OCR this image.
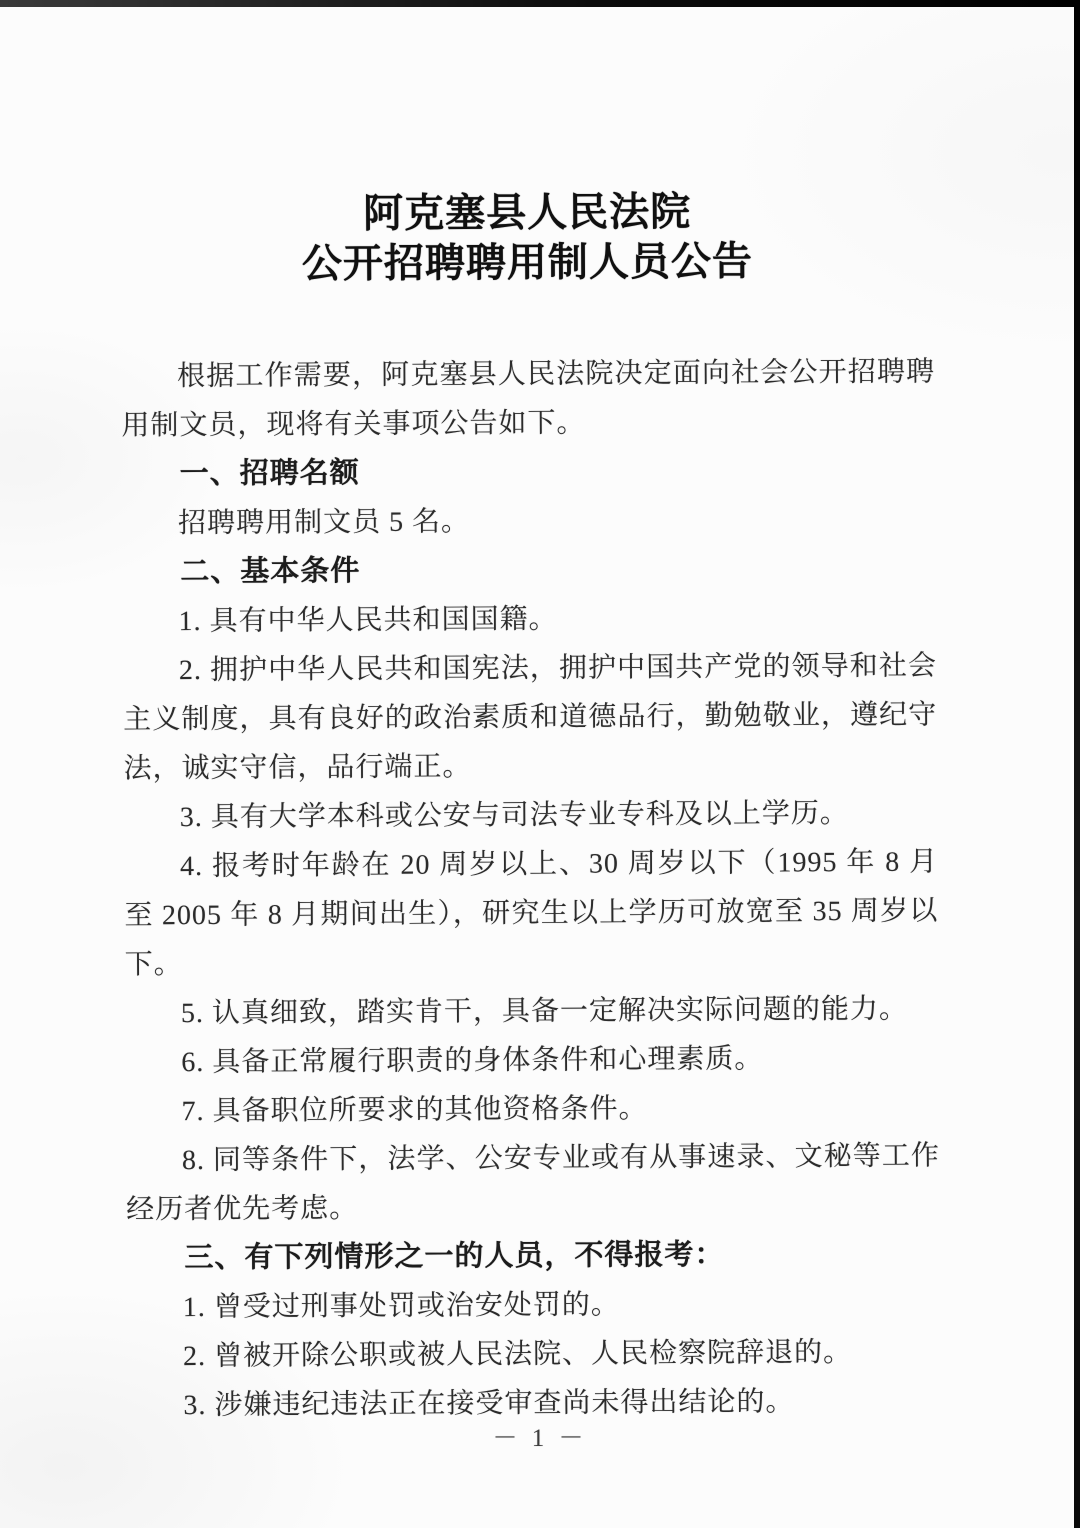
阿克塞县人民法院
公开招聘聘用制人员公告

根据工作需要，阿克塞县人民法院决定面向社会公开招聘聘用制文员，现将有关事项公告如下。

一、招聘名额

招聘聘用制文员 5 名。

二、基本条件

1. 具有中华人民共和国国籍。

2. 拥护中华人民共和国宪法，拥护中国共产党的领导和社会主义制度，具有良好的政治素质和道德品行，勤勉敬业，遵纪守法，诚实守信，品行端正。

3. 具有大学本科或公安与司法专业专科及以上学历。

4. 报考时年龄在 20 周岁以上、30 周岁以下（1995 年 8 月至 2005 年 8 月期间出生），研究生以上学历可放宽至 35 周岁以下。

5. 认真细致，踏实肯干，具备一定解决实际问题的能力。

6. 具备正常履行职责的身体条件和心理素质。

7. 具备职位所要求的其他资格条件。

8. 同等条件下，法学、公安专业或有从事速录、文秘等工作经历者优先考虑。

三、有下列情形之一的人员，不得报考：

1. 曾受过刑事处罚或治安处罚的。

2. 曾被开除公职或被人民法院、人民检察院辞退的。

3. 涉嫌违纪违法正在接受审查尚未得出结论的。

－ 1 －
